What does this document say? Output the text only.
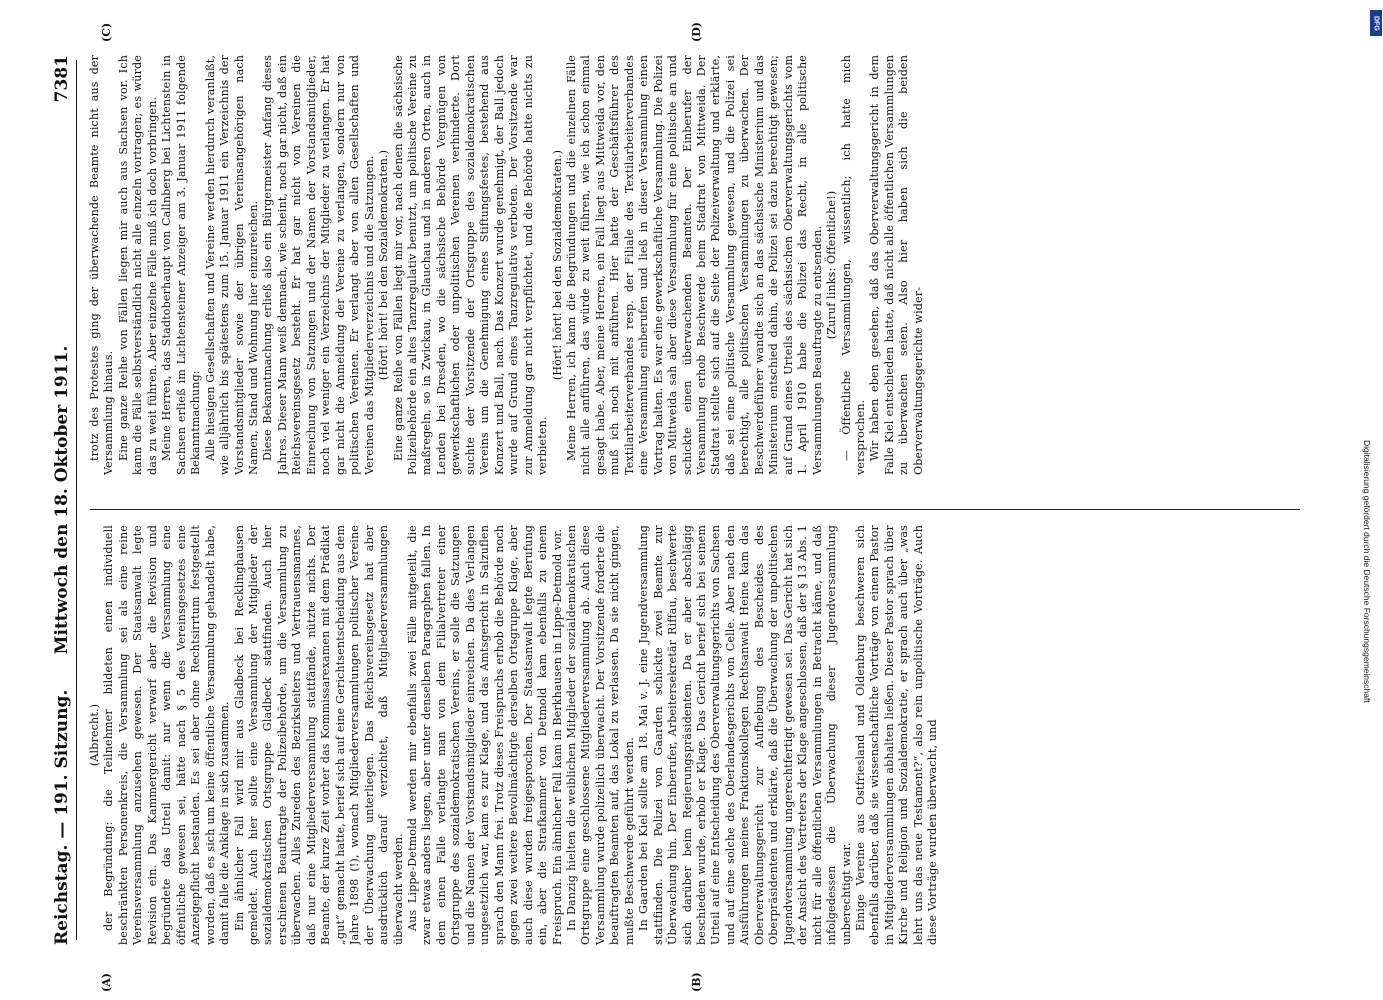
Reichstag. — 191. Sitzung.
Mittwoch den 18. Oktober 1911.
7381
(A)	(B)
(C)	(D)

(Albrecht.) der Begründung: die Teilnehmer bildeten einen individuell beschränkten Personenkreis, die Versammlung sei als eine reine Vereinsversammlung anzusehen gewesen. Der Staatsanwalt legte Revision ein. Das Kammergericht verwarf aber die Revision und begründete das Urteil damit: nur wenn die Versammlung eine öffentliche gewesen sei, hätte nach § 5 des Vereinsgesetzes eine Anzeigepflicht bestanden. Es sei aber ohne Rechtsirrtum festgestellt worden, daß es sich um keine öffentliche Versammlung gehandelt habe, damit falle die Anklage in sich zusammen. Ein ähnlicher Fall wird mir aus Gladbeck bei Recklinghausen gemeldet. Auch hier sollte eine Versammlung der Mitglieder der sozialdemokratischen Ortsgruppe Gladbeck stattfinden. Auch hier erschienen Beauftragte der Polizeibehörde, um die Versammlung zu überwachen. Alles Zureden des Bezirksleiters und Vertrauensmannes, daß nur eine Mitgliederversammlung stattfände, nützte nichts. Der Beamte, der kurze Zeit vorher das Kommissarexamen mit dem Prädikat „gut“ gemacht hatte, berief sich auf eine Gerichtsentscheidung aus dem Jahre 1898 (!), wonach Mitgliederversammlungen politischer Vereine der Überwachung unterliegen. Das Reichsvereinsgesetz hat aber ausdrücklich darauf verzichtet, daß Mitgliederversammlungen überwacht werden. Aus Lippe-Detmold werden mir ebenfalls zwei Fälle mitgeteilt, die zwar etwas anders liegen, aber unter denselben Paragraphen fallen. In dem einen Falle verlangte man von dem Filialvertreter einer Ortsgruppe des sozialdemokratischen Vereins, er solle die Satzungen und die Namen der Vorstandsmitglieder einreichen. Da dies Verlangen ungesetzlich war, kam es zur Klage, und das Amtsgericht in Salzuflen sprach den Mann frei. Trotz dieses Freispruchs erhob die Behörde noch gegen zwei weitere Bevollmächtigte derselben Ortsgruppe Klage, aber auch diese wurden freigesprochen. Der Staatsanwalt legte Berufung ein, aber die Strafkammer von Detmold kam ebenfalls zu einem Freispruch. Ein ähnlicher Fall kam in Berkhausen in Lippe-Detmold vor. In Danzig hielten die weiblichen Mitglieder der sozialdemokratischen Ortsgruppe eine geschlossene Mitgliederversammlung ab. Auch diese Versammlung wurde polizeilich überwacht. Der Vorsitzende forderte die beauftragten Beamten auf, das Lokal zu verlassen. Da sie nicht gingen, mußte Beschwerde geführt werden. In Gaarden bei Kiel sollte am 18. Mai v. J. eine Jugendversammlung stattfinden. Die Polizei von Gaarden schickte zwei Beamte zur Überwachung hin. Der Einberufer, Arbeitersekretär Riffau, beschwerte sich darüber beim Regierungspräsidenten. Da er aber abschlägig beschieden wurde, erhob er Klage. Das Gericht berief sich bei seinem Urteil auf eine Entscheidung des Oberverwaltungsgerichts von Sachsen und auf eine solche des Oberlandesgerichts von Celle. Aber nach den Ausführungen meines Fraktionskollegen Rechtsanwalt Heine kam das Oberverwaltungsgericht zur Aufhebung des Bescheides des Oberpräsidenten und erklärte, daß die Überwachung der unpolitischen Jugendversammlung ungerechtfertigt gewesen sei. Das Gericht hat sich der Ansicht des Vertreters der Klage angeschlossen, daß der § 13 Abs. 1 nicht für alle öffentlichen Versammlungen in Betracht käme, und daß infolgedessen die Überwachung dieser Jugendversammlung unberechtigt war. Einige Vereine aus Ostfriesland und Oldenburg beschweren sich ebenfalls darüber, daß sie wissenschaftliche Vorträge von einem Pastor in Mitgliederversammlungen abhalten ließen. Dieser Pastor sprach über Kirche und Religion und Sozialdemokratie, er sprach auch über „was lehrt uns das neue Testament?“, also rein unpolitische Vorträge. Auch diese Vorträge wurden überwacht, und

trotz des Protestes ging der überwachende Beamte nicht aus der Versammlung hinaus. Eine ganze Reihe von Fällen liegen mir auch aus Sachsen vor. Ich kann die Fälle selbstverständlich nicht alle einzeln vortragen; es würde das zu weit führen. Aber einzelne Fälle muß ich doch vorbringen. Meine Herren, das Stadtoberhaupt von Callnberg bei Lichtenstein in Sachsen erließ im Lichtensteiner Anzeiger am 3. Januar 1911 folgende Bekanntmachung: Alle hiesigen Gesellschaften und Vereine werden hierdurch veranlaßt, wie alljährlich bis spätestens zum 15. Januar 1911 ein Verzeichnis der Vorstandsmitglieder sowie der übrigen Vereinsangehörigen nach Namen, Stand und Wohnung hier einzureichen. Diese Bekanntmachung erließ also ein Bürgermeister Anfang dieses Jahres. Dieser Mann weiß demnach, wie scheint, noch gar nicht, daß ein Reichsvereinsgesetz besteht. Er hat gar nicht von Vereinen die Einreichung von Satzungen und der Namen der Vorstandsmitglieder, noch viel weniger ein Verzeichnis der Mitglieder zu verlangen. Er hat gar nicht die Anmeldung der Vereine zu verlangen, sondern nur von politischen Vereinen. Er verlangt aber von allen Gesellschaften und Vereinen das Mitgliederverzeichnis und die Satzungen. (Hört! hört! bei den Sozialdemokraten.) Eine ganze Reihe von Fällen liegt mir vor, nach denen die sächsische Polizeibehörde ein altes Tanzregulativ benutzt, um politische Vereine zu maßregeln, so in Zwickau, in Glauchau und in anderen Orten, auch in Lenden bei Dresden, wo die sächsische Behörde Vergnügen von gewerkschaftlichen oder unpolitischen Vereinen verhinderte. Dort suchte der Vorsitzende der Ortsgruppe des sozialdemokratischen Vereins um die Genehmigung eines Stiftungsfestes, bestehend aus Konzert und Ball, nach. Das Konzert wurde genehmigt, der Ball jedoch wurde auf Grund eines Tanzregulativs verboten. Der Vorsitzende war zur Anmeldung gar nicht verpflichtet, und die Behörde hatte nichts zu verbieten.

(Hört! hört! bei den Sozialdemokraten.) Meine Herren, ich kann die Begründungen und die einzelnen Fälle nicht alle anführen, das würde zu weit führen, wie ich schon einmal gesagt habe. Aber, meine Herren, ein Fall liegt aus Mittweida vor, den muß ich noch mit anführen. Hier hatte der Geschäftsführer des Textilarbeiterverbandes resp. der Filiale des Textilarbeiterverbandes eine Versammlung einberufen und ließ in dieser Versammlung einen Vortrag halten. Es war eine gewerkschaftliche Versammlung. Die Polizei von Mittweida sah aber diese Versammlung für eine politische an und schickte einen überwachenden Beamten. Der Einberufer der Versammlung erhob Beschwerde beim Stadtrat von Mittweida. Der Stadtrat stellte sich auf die Seite der Polizeiverwaltung und erklärte, daß sei eine politische Versammlung gewesen, und die Polizei sei berechtigt, alle politischen Versammlungen zu überwachen. Der Beschwerdeführer wandte sich an das sächsische Ministerium und das Ministerium entschied dahin, die Polizei sei dazu berechtigt gewesen; auf Grund eines Urteils des sächsischen Oberverwaltungsgerichts vom 1. April 1910 habe die Polizei das Recht, in alle politische Versammlungen Beauftragte zu entsenden. (Zuruf links: Öffentliche!) — Öffentliche Versammlungen, wissentlich; ich hatte mich versprochen. Wir haben eben gesehen, daß das Oberverwaltungsgericht in dem Falle Kiel entschieden hatte, daß nicht alle öffentlichen Versammlungen zu überwachen seien. Also hier haben sich die beiden Oberverwaltungsgerichte wider-

DFG
Digitalisierung gefördert durch die Deutsche Forschungsgemeinschaft
